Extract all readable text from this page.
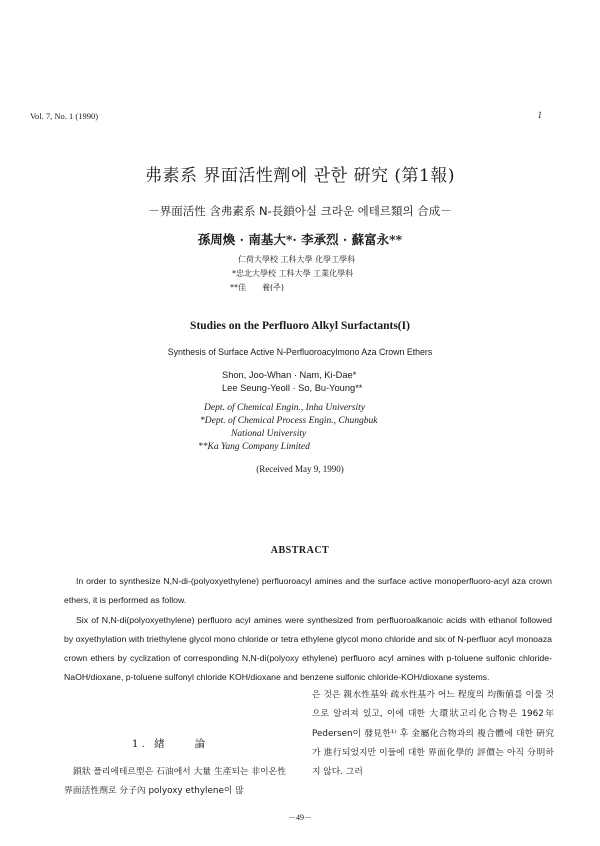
Vol. 7, No. 1 (1990)	1
弗素系 界面活性劑에 관한 硏究 (第1報)
－界面活性 含弗素系 N-長鎖아실 크라운 에테르類의 合成－
孫周煥 · 南基大*· 李承烈 · 蘇富永**
仁荷大學校 工科大學 化學工學科
*忠北大學校 工科大學 工業化學科
**佳　　養(주)
Studies on the Perfluoro Alkyl Surfactants(I)
Synthesis of Surface Active N-Perfluoroacylmono Aza Crown Ethers
Shon, Joo-Whan · Nam, Ki-Dae*
Lee Seung-Yeoll · So, Bu-Young**
Dept. of Chemical Engin., Inha University
*Dept. of Chemical Process Engin., Chungbuk
National University
**Ka Yang Company Limited
(Received May 9, 1990)
ABSTRACT

In order to synthesize N,N-di-(polyoxyethylene) perfluoroacyl amines and the surface active monoperfluoro-acyl aza crown ethers, it is performed as follow.

Six of N,N-di(polyoxyethylene) perfluoro acyl amines were synthesized from perfluoroalkanoic acids with ethanol followed by oxyethylation with triethylene glycol mono chloride or tetra ethylene glycol mono chloride and six of N-perfluor acyl monoaza crown ethers by cyclization of corresponding N,N-di(polyoxy ethylene) perfluoro acyl amines with p-toluene sulfonic chloride-NaOH/dioxane, p-toluene sulfonyl chloride KOH/dioxane and benzene sulfonic chloride-KOH/dioxane systems.

1. 緖　　論

鎖狀 폴리에테르型은 石油에서 大量 生產되는 非이온性界面活性劑로 分子內 polyoxy ethylene이 많

은 것은 親水性基와 疏水性基가 어느 程度의 均衡値를 이룰 것으로 알려져 있고, 이에 대한 大環狀고리化合物은 1962年 Pedersen이 發見한¹⁾ 후 金屬化合物과의 複合體에 대한 硏究가 進行되었지만 이들에 대한 界面化學的 評價는 아직 分明하지 않다. 그러

－49－
